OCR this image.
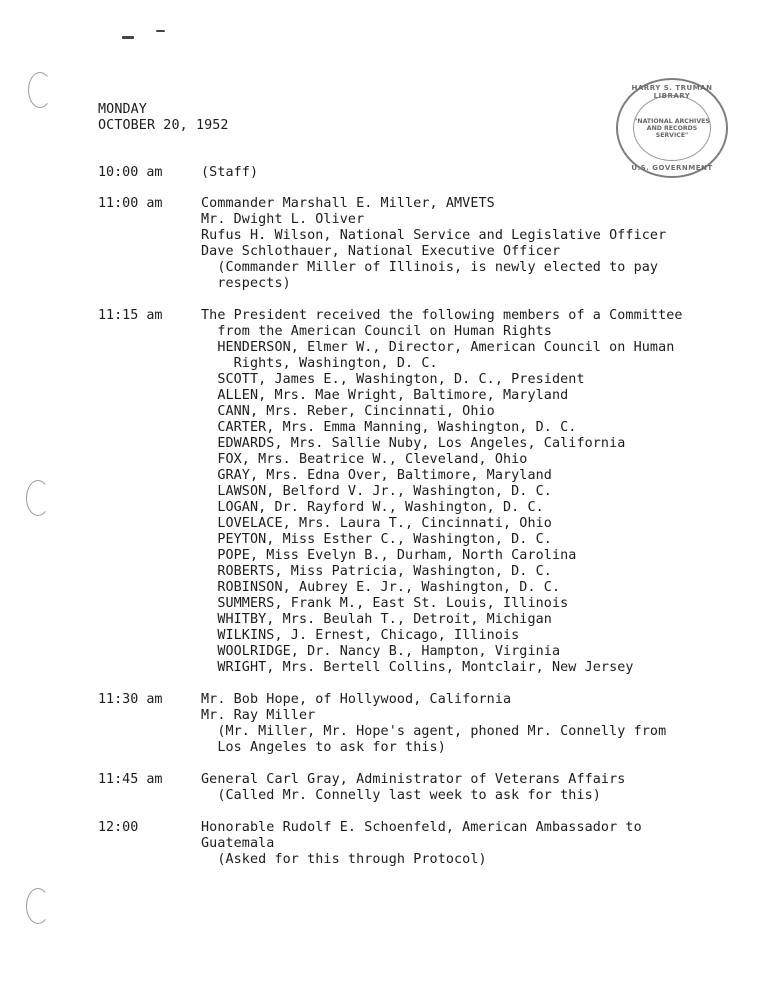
HARRY S. TRUMAN LIBRARY
"NATIONAL ARCHIVES AND RECORDS SERVICE"
U.S. GOVERNMENT
MONDAY
OCTOBER 20, 1952
10:00 am	(Staff)
11:00 am	Commander Marshall E. Miller, AMVETS
Mr. Dwight L. Oliver
Rufus H. Wilson, National Service and Legislative Officer
Dave Schlothauer, National Executive Officer
(Commander Miller of Illinois, is newly elected to pay
respects)
11:15 am	The President received the following members of a Committee
from the American Council on Human Rights
HENDERSON, Elmer W., Director, American Council on Human
Rights, Washington, D. C.
SCOTT, James E., Washington, D. C., President
ALLEN, Mrs. Mae Wright, Baltimore, Maryland
CANN, Mrs. Reber, Cincinnati, Ohio
CARTER, Mrs. Emma Manning, Washington, D. C.
EDWARDS, Mrs. Sallie Nuby, Los Angeles, California
FOX, Mrs. Beatrice W., Cleveland, Ohio
GRAY, Mrs. Edna Over, Baltimore, Maryland
LAWSON, Belford V. Jr., Washington, D. C.
LOGAN, Dr. Rayford W., Washington, D. C.
LOVELACE, Mrs. Laura T., Cincinnati, Ohio
PEYTON, Miss Esther C., Washington, D. C.
POPE, Miss Evelyn B., Durham, North Carolina
ROBERTS, Miss Patricia, Washington, D. C.
ROBINSON, Aubrey E. Jr., Washington, D. C.
SUMMERS, Frank M., East St. Louis, Illinois
WHITBY, Mrs. Beulah T., Detroit, Michigan
WILKINS, J. Ernest, Chicago, Illinois
WOOLRIDGE, Dr. Nancy B., Hampton, Virginia
WRIGHT, Mrs. Bertell Collins, Montclair, New Jersey
11:30 am	Mr. Bob Hope, of Hollywood, California
Mr. Ray Miller
(Mr. Miller, Mr. Hope's agent, phoned Mr. Connelly from
Los Angeles to ask for this)
11:45 am	General Carl Gray, Administrator of Veterans Affairs
(Called Mr. Connelly last week to ask for this)
12:00	Honorable Rudolf E. Schoenfeld, American Ambassador to
Guatemala
(Asked for this through Protocol)
